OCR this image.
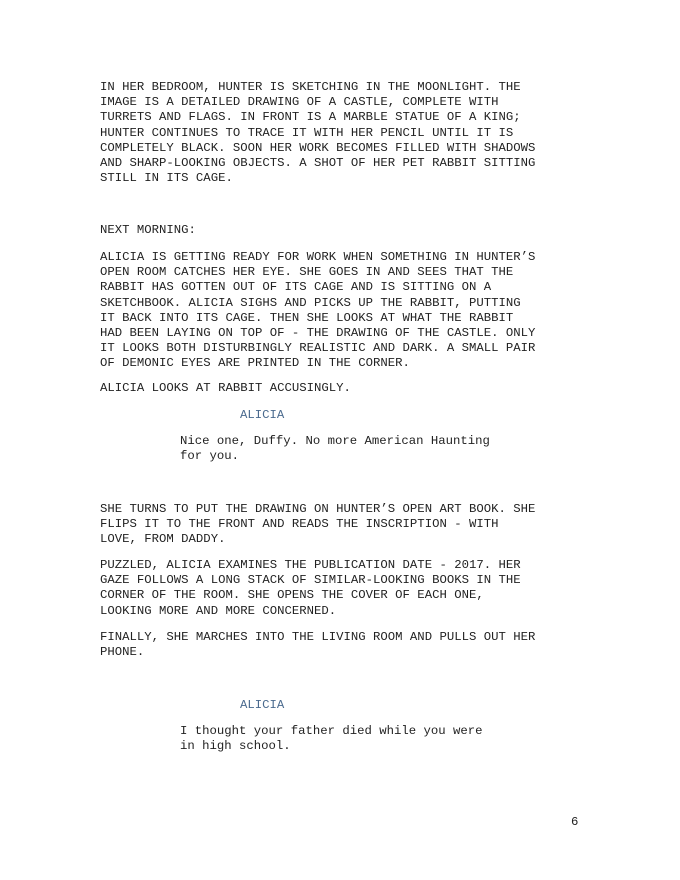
IN HER BEDROOM, HUNTER IS SKETCHING IN THE MOONLIGHT. THE
IMAGE IS A DETAILED DRAWING OF A CASTLE, COMPLETE WITH
TURRETS AND FLAGS. IN FRONT IS A MARBLE STATUE OF A KING;
HUNTER CONTINUES TO TRACE IT WITH HER PENCIL UNTIL IT IS
COMPLETELY BLACK. SOON HER WORK BECOMES FILLED WITH SHADOWS
AND SHARP-LOOKING OBJECTS. A SHOT OF HER PET RABBIT SITTING
STILL IN ITS CAGE.
NEXT MORNING:
ALICIA IS GETTING READY FOR WORK WHEN SOMETHING IN HUNTER’S
OPEN ROOM CATCHES HER EYE. SHE GOES IN AND SEES THAT THE
RABBIT HAS GOTTEN OUT OF ITS CAGE AND IS SITTING ON A
SKETCHBOOK. ALICIA SIGHS AND PICKS UP THE RABBIT, PUTTING
IT BACK INTO ITS CAGE. THEN SHE LOOKS AT WHAT THE RABBIT
HAD BEEN LAYING ON TOP OF - THE DRAWING OF THE CASTLE. ONLY
IT LOOKS BOTH DISTURBINGLY REALISTIC AND DARK. A SMALL PAIR
OF DEMONIC EYES ARE PRINTED IN THE CORNER.
ALICIA LOOKS AT RABBIT ACCUSINGLY.
ALICIA
Nice one, Duffy. No more American Haunting
for you.
SHE TURNS TO PUT THE DRAWING ON HUNTER’S OPEN ART BOOK. SHE
FLIPS IT TO THE FRONT AND READS THE INSCRIPTION - WITH
LOVE, FROM DADDY.
PUZZLED, ALICIA EXAMINES THE PUBLICATION DATE - 2017. HER
GAZE FOLLOWS A LONG STACK OF SIMILAR-LOOKING BOOKS IN THE
CORNER OF THE ROOM. SHE OPENS THE COVER OF EACH ONE,
LOOKING MORE AND MORE CONCERNED.
FINALLY, SHE MARCHES INTO THE LIVING ROOM AND PULLS OUT HER
PHONE.
ALICIA
I thought your father died while you were
in high school.
6
